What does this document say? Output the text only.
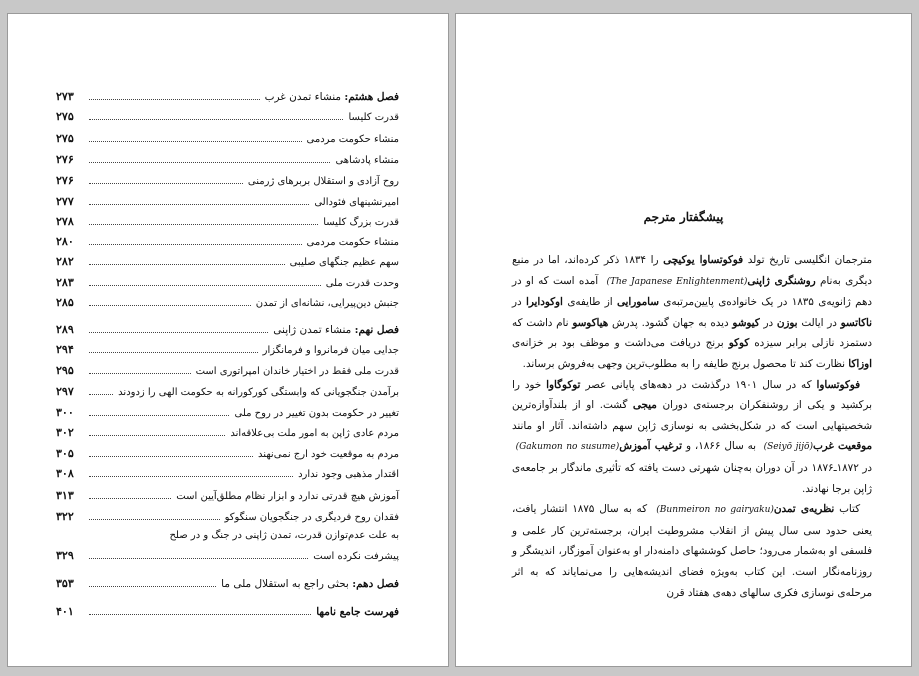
فصل هشتم: منشاء تمدن غرب
۲۷۳
قدرت کلیسا
۲۷۵
منشاء حکومت مردمی
۲۷۵
منشاء پادشاهی
۲۷۶
روح آزادی و استقلال بربرهای ژرمنی
۲۷۶
امیرنشینهای فئودالی
۲۷۷
قدرت بزرگ کلیسا
۲۷۸
منشاء حکومت مردمی
۲۸۰
سهم عظیم جنگهای صلیبی
۲۸۲
وحدت قدرت ملی
۲۸۳
جنبش دین‌پیرایی، نشانه‌ای از تمدن
۲۸۵
فصل نهم: منشاء تمدن ژاپنی
۲۸۹
جدایی میان فرمانروا و فرمانگزار
۲۹۴
قدرت ملی فقط در اختیار خاندان امپراتوری است
۲۹۵
برآمدن جنگجویانی که وابستگی کورکورانه به حکومت الهی را زدودند
۲۹۷
تغییر در حکومت بدون تغییر در روح ملی
۳۰۰
مردم عادی ژاپن به امور ملت بی‌علاقه‌اند
۳۰۲
مردم به موقعیت خود ارج نمی‌نهند
۳۰۵
اقتدار مذهبی وجود ندارد
۳۰۸
آموزش هیچ قدرتی ندارد و ابزار نظام مطلق‌آیین است
۳۱۳
فقدان روح فردیگری در جنگجویان سنگوکو
۳۲۲
به علت عدم‌توازن قدرت، تمدن ژاپنی در جنگ و در صلح
پیشرفت نکرده است
۳۲۹
فصل دهم: بحثی راجع به استقلال ملی ما
۳۵۳
فهرست جامع نامها
۴۰۱
پیشگفتار مترجم

مترجمان انگلیسی تاریخ تولد فوکوتساوا یوکیچی را ۱۸۳۴ ذکر کرده‌اند، اما در منبع دیگری به‌نام روشنگری ژاپنی (The Japanese Enlightenment) آمده است که او در دهم ژانویه‌ی ۱۸۳۵ در یک خانواده‌ی پایین‌مرتبه‌ی سامورایی از طایفه‌ی اوکودایرا در ناکاتسو در ایالت بوزن در کیوشو دیده به جهان گشود. پدرش هیاکوسو نام داشت که دستمزد نازلی برابر سیزده کوکو برنج دریافت می‌داشت و موظف بود بر خزانه‌ی اوزاکا نظارت کند تا محصول برنج طایفه را به مطلوب‌ترین وجهی به‌فروش برساند.

فوکوتساوا که در سال ۱۹۰۱ درگذشت در دهه‌های پایانی عصر توکوگاوا خود را برکشید و یکی از روشنفکران برجسته‌ی دوران میجی گشت. او از بلندآوازه‌ترین شخصیتهایی است که در شکل‌بخشی به نوسازی ژاپن سهم داشته‌اند. آثار او مانند موقعیت غرب (Seiyō jijō) به سال ۱۸۶۶، و ترغیب آموزش (Gakumon no susume) در ۱۸۷۲ـ۱۸۷۶ در آن دوران به‌چنان شهرتی دست یافته که تأثیری ماندگار بر جامعه‌ی ژاپن برجا نهادند.

کتاب نظریه‌ی تمدن (Bunmeiron no gairyaku) که به سال ۱۸۷۵ انتشار یافت، یعنی حدود سی سال پیش از انقلاب مشروطیت ایران، برجسته‌ترین کار علمی و فلسفی او به‌شمار می‌رود؛ حاصل کوششهای دامنه‌دار او به‌عنوان آموزگار، اندیشگر و روزنامه‌نگار است. این کتاب به‌ویژه فضای اندیشه‌هایی را می‌نمایاند که به اثر مرحله‌ی نوسازی فکری سالهای دهه‌ی هفتاد قرن
